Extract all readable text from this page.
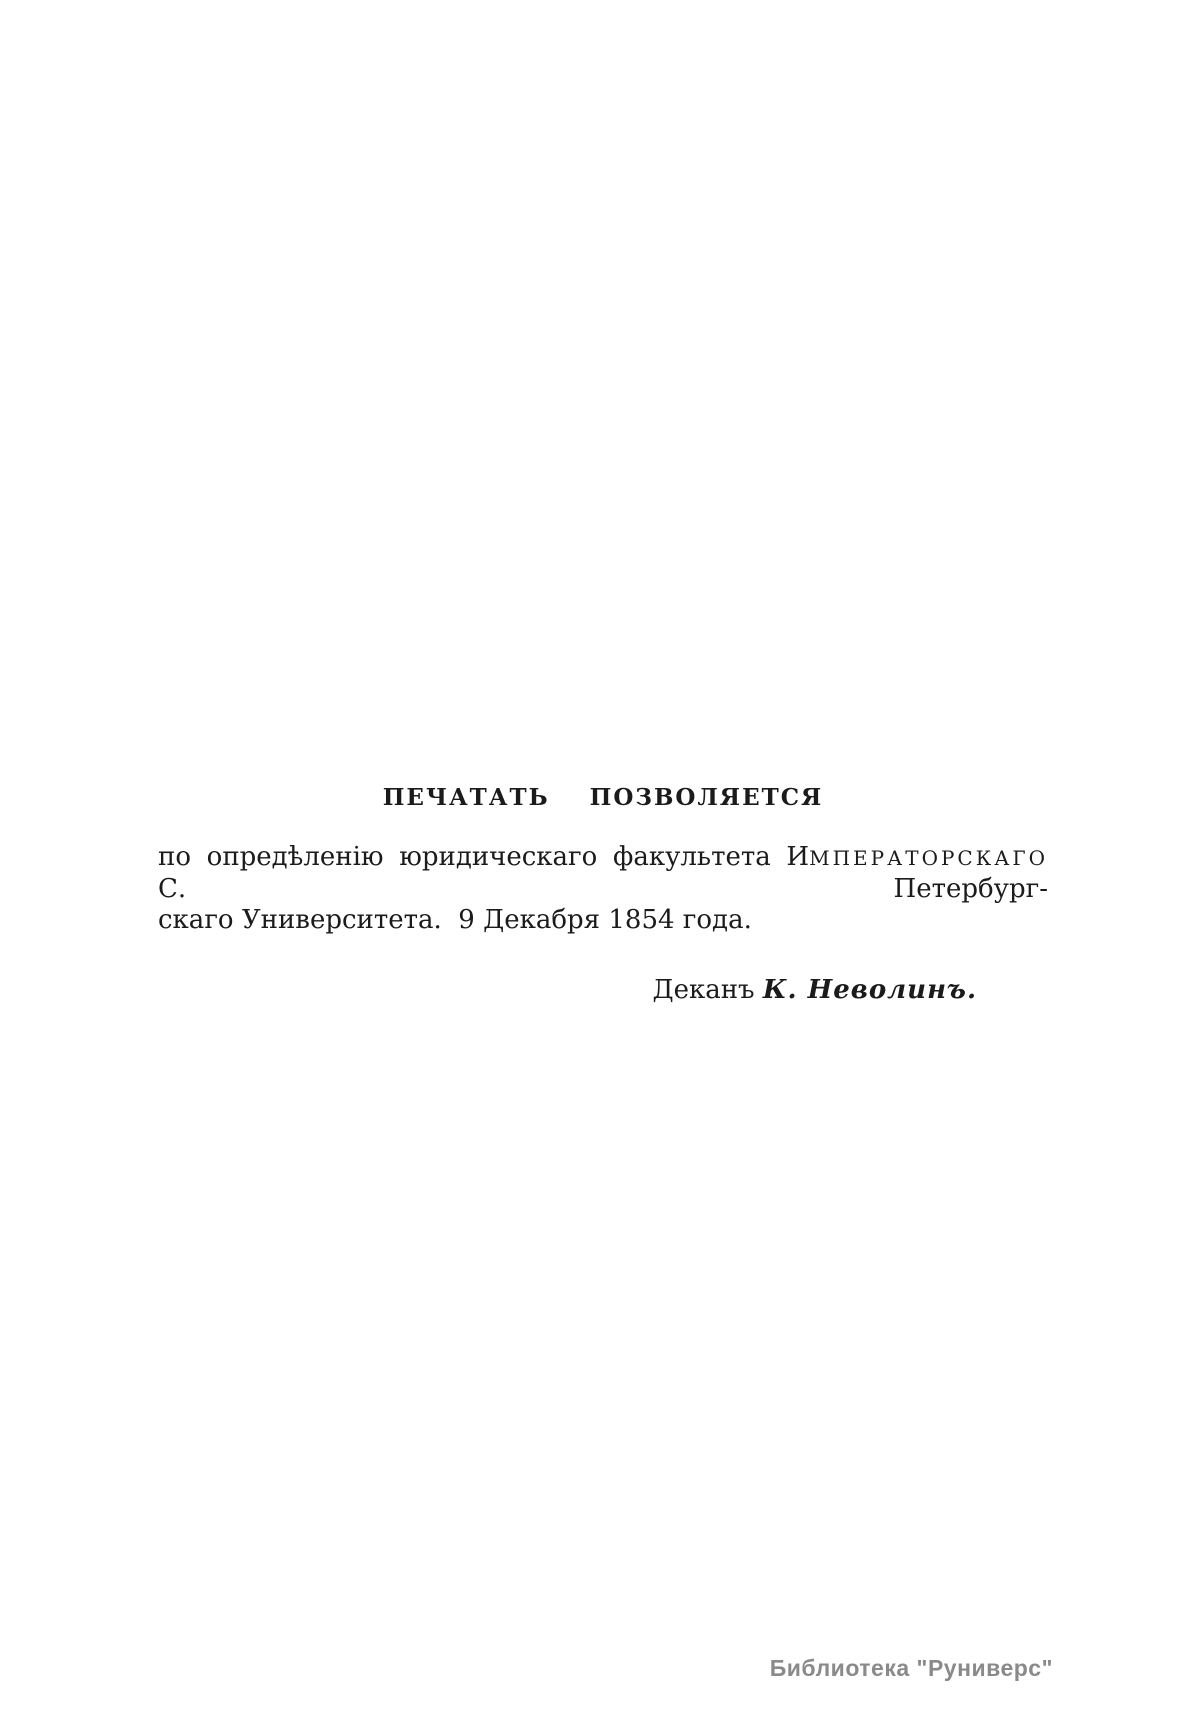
ПЕЧАТАТЬ  ПОЗВОЛЯЕТСЯ
по опредѣленію юридическаго факультета ИМПЕРАТОРСКАГО С. Петербург-
скаго Университета.  9 Декабря 1854 года.

Деканъ К. Неволинъ.

Библиотека "Руниверс"
